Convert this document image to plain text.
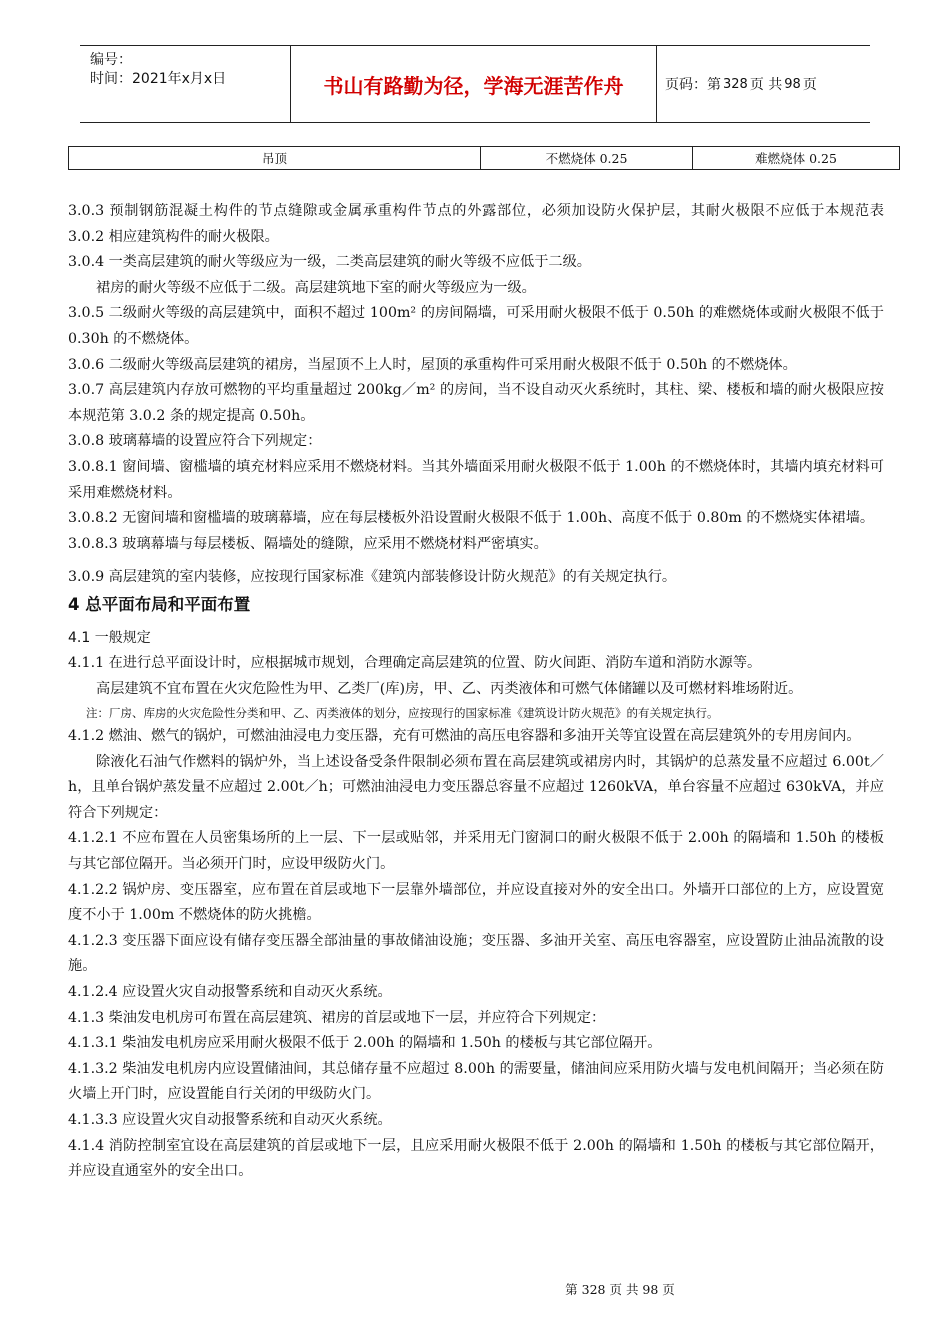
编号：
时间：2021年x月x日	书山有路勤为径，学海无涯苦作舟	页码：第 328 页 共 98 页
吊顶	不燃烧体 0.25	难燃烧体 0.25

3.0.3 预制钢筋混凝土构件的节点缝隙或金属承重构件节点的外露部位，必须加设防火保护层，其耐火极限不应低于本规范表 3.0.2 相应建筑构件的耐火极限。

3.0.4 一类高层建筑的耐火等级应为一级，二类高层建筑的耐火等级不应低于二级。

裙房的耐火等级不应低于二级。高层建筑地下室的耐火等级应为一级。

3.0.5 二级耐火等级的高层建筑中，面积不超过 100m² 的房间隔墙，可采用耐火极限不低于 0.50h 的难燃烧体或耐火极限不低于 0.30h 的不燃烧体。

3.0.6 二级耐火等级高层建筑的裙房，当屋顶不上人时，屋顶的承重构件可采用耐火极限不低于 0.50h 的不燃烧体。

3.0.7 高层建筑内存放可燃物的平均重量超过 200kg／m² 的房间，当不设自动灭火系统时，其柱、梁、楼板和墙的耐火极限应按本规范第 3.0.2 条的规定提高 0.50h。

3.0.8 玻璃幕墙的设置应符合下列规定：

3.0.8.1 窗间墙、窗槛墙的填充材料应采用不燃烧材料。当其外墙面采用耐火极限不低于 1.00h 的不燃烧体时，其墙内填充材料可采用难燃烧材料。

3.0.8.2 无窗间墙和窗槛墙的玻璃幕墙，应在每层楼板外沿设置耐火极限不低于 1.00h、高度不低于 0.80m 的不燃烧实体裙墙。

3.0.8.3 玻璃幕墙与每层楼板、隔墙处的缝隙，应采用不燃烧材料严密填实。

3.0.9 高层建筑的室内装修，应按现行国家标准《建筑内部装修设计防火规范》的有关规定执行。

4 总平面布局和平面布置
4.1 一般规定

4.1.1 在进行总平面设计时，应根据城市规划，合理确定高层建筑的位置、防火间距、消防车道和消防水源等。

高层建筑不宜布置在火灾危险性为甲、乙类厂(库)房，甲、乙、丙类液体和可燃气体储罐以及可燃材料堆场附近。

注：厂房、库房的火灾危险性分类和甲、乙、丙类液体的划分，应按现行的国家标准《建筑设计防火规范》的有关规定执行。

4.1.2 燃油、燃气的锅炉，可燃油油浸电力变压器，充有可燃油的高压电容器和多油开关等宜设置在高层建筑外的专用房间内。

除液化石油气作燃料的锅炉外，当上述设备受条件限制必须布置在高层建筑或裙房内时，其锅炉的总蒸发量不应超过 6.00t／h，且单台锅炉蒸发量不应超过 2.00t／h；可燃油油浸电力变压器总容量不应超过 1260kVA，单台容量不应超过 630kVA，并应符合下列规定：

4.1.2.1 不应布置在人员密集场所的上一层、下一层或贴邻，并采用无门窗洞口的耐火极限不低于 2.00h 的隔墙和 1.50h 的楼板与其它部位隔开。当必须开门时，应设甲级防火门。

4.1.2.2 锅炉房、变压器室，应布置在首层或地下一层靠外墙部位，并应设直接对外的安全出口。外墙开口部位的上方，应设置宽度不小于 1.00m 不燃烧体的防火挑檐。

4.1.2.3 变压器下面应设有储存变压器全部油量的事故储油设施；变压器、多油开关室、高压电容器室，应设置防止油品流散的设施。

4.1.2.4 应设置火灾自动报警系统和自动灭火系统。

4.1.3 柴油发电机房可布置在高层建筑、裙房的首层或地下一层，并应符合下列规定：

4.1.3.1 柴油发电机房应采用耐火极限不低于 2.00h 的隔墙和 1.50h 的楼板与其它部位隔开。

4.1.3.2 柴油发电机房内应设置储油间，其总储存量不应超过 8.00h 的需要量，储油间应采用防火墙与发电机间隔开；当必须在防火墙上开门时，应设置能自行关闭的甲级防火门。

4.1.3.3 应设置火灾自动报警系统和自动灭火系统。

4.1.4 消防控制室宜设在高层建筑的首层或地下一层，且应采用耐火极限不低于 2.00h 的隔墙和 1.50h 的楼板与其它部位隔开，并应设直通室外的安全出口。

第 328 页 共 98 页
